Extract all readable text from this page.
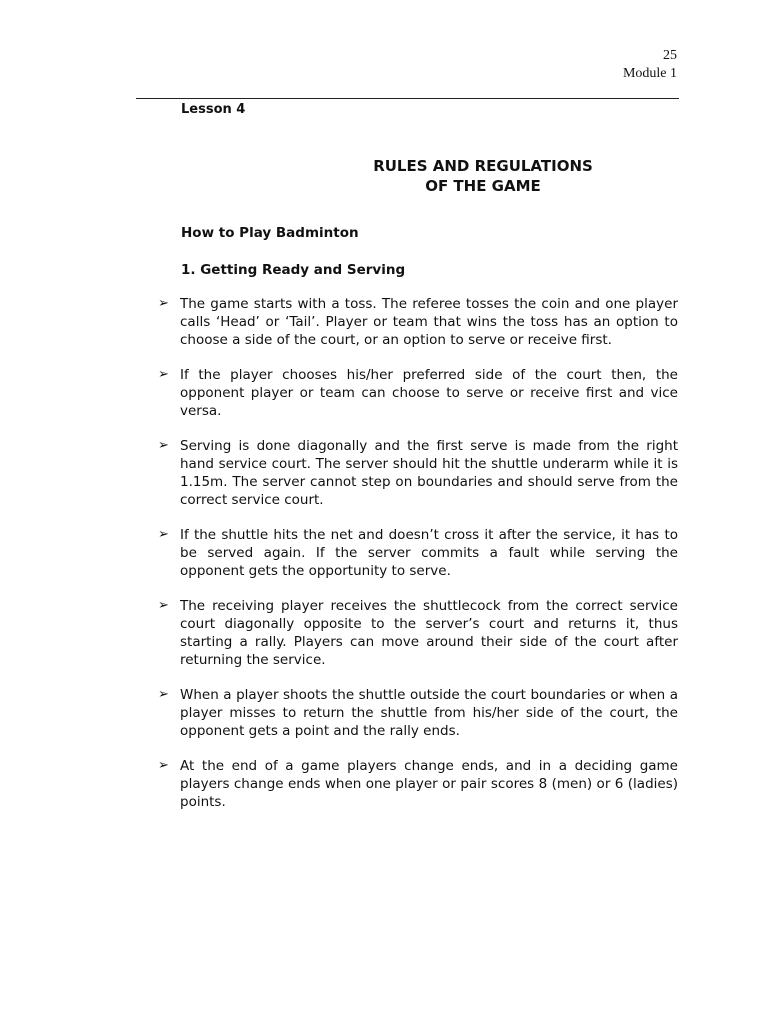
25
Module 1
Lesson 4
RULES AND REGULATIONS
OF THE GAME
How to Play Badminton
1. Getting Ready and Serving
➢ The game starts with a toss. The referee tosses the coin and one player calls ‘Head’ or ‘Tail’. Player or team that wins the toss has an option to choose a side of the court, or an option to serve or receive first.
➢ If the player chooses his/her preferred side of the court then, the opponent player or team can choose to serve or receive first and vice versa.
➢ Serving is done diagonally and the first serve is made from the right hand service court. The server should hit the shuttle underarm while it is 1.15m. The server cannot step on boundaries and should serve from the correct service court.
➢ If the shuttle hits the net and doesn’t cross it after the service, it has to be served again. If the server commits a fault while serving the opponent gets the opportunity to serve.
➢ The receiving player receives the shuttlecock from the correct service court diagonally opposite to the server’s court and returns it, thus starting a rally. Players can move around their side of the court after returning the service.
➢ When a player shoots the shuttle outside the court boundaries or when a player misses to return the shuttle from his/her side of the court, the opponent gets a point and the rally ends.
➢ At the end of a game players change ends, and in a deciding game players change ends when one player or pair scores 8 (men) or 6 (ladies) points.
